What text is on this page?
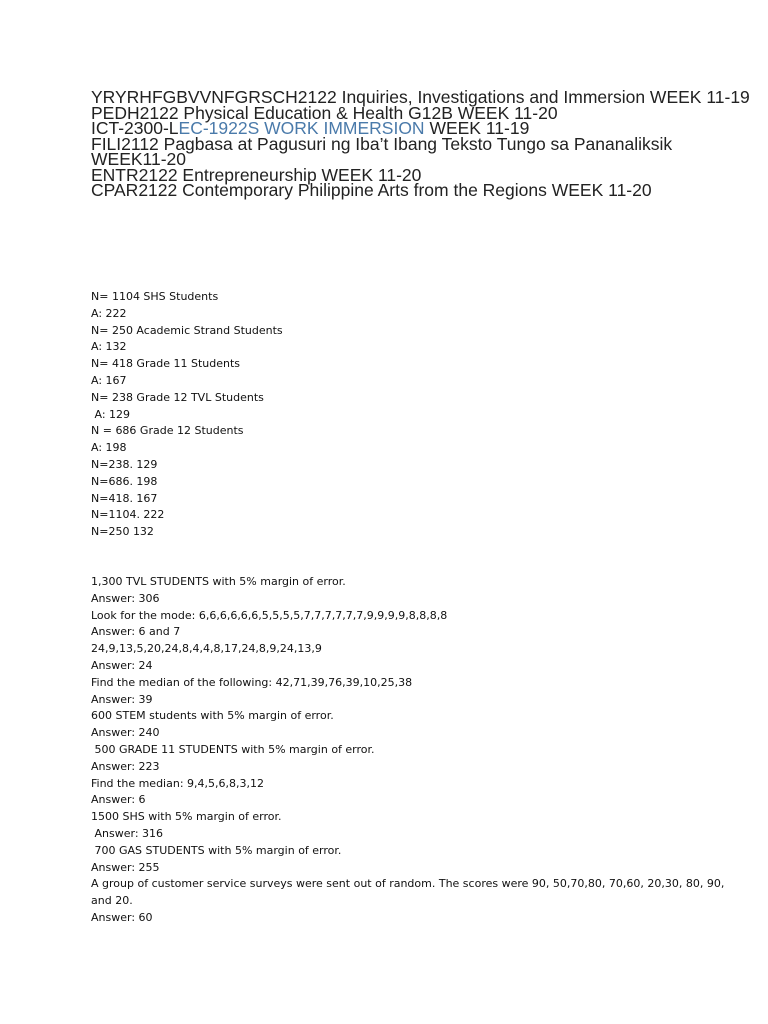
YRYRHFGBVVNFGRSCH2122 Inquiries, Investigations and Immersion WEEK 11-19

PEDH2122 Physical Education & Health G12B WEEK 11-20

ICT-2300-LEC-1922S WORK IMMERSION WEEK 11-19

FILI2112 Pagbasa at Pagusuri ng Iba’t Ibang Teksto Tungo sa Pananaliksik WEEK11-20

ENTR2122 Entrepreneurship WEEK 11-20

CPAR2122 Contemporary Philippine Arts from the Regions WEEK 11-20

N= 1104 SHS Students

A: 222

N= 250 Academic Strand Students

A: 132

N= 418 Grade 11 Students

A: 167

N= 238 Grade 12 TVL Students

A: 129

N = 686 Grade 12 Students

A: 198

N=238. 129

N=686. 198

N=418. 167

N=1104. 222

N=250 132

1,300 TVL STUDENTS with 5% margin of error.

Answer: 306

Look for the mode: 6,6,6,6,6,6,5,5,5,5,7,7,7,7,7,7,9,9,9,9,8,8,8,8

Answer: 6 and 7

24,9,13,5,20,24,8,4,4,8,17,24,8,9,24,13,9

Answer: 24

Find the median of the following: 42,71,39,76,39,10,25,38

Answer: 39

600 STEM students with 5% margin of error.

Answer: 240

500 GRADE 11 STUDENTS with 5% margin of error.

Answer: 223

Find the median: 9,4,5,6,8,3,12

Answer: 6

1500 SHS with 5% margin of error.

Answer: 316

700 GAS STUDENTS with 5% margin of error.

Answer: 255

A group of customer service surveys were sent out of random. The scores were 90, 50,70,80, 70,60, 20,30, 80, 90, and 20.

Answer: 60
